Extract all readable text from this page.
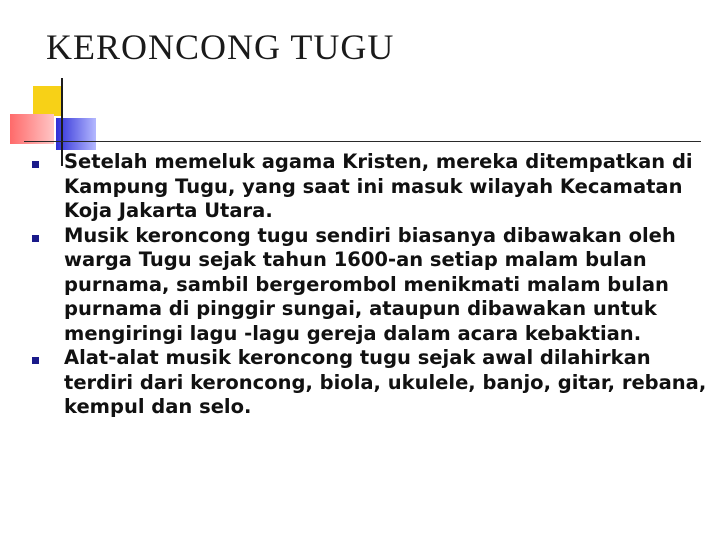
KERONCONG TUGU
Setelah memeluk agama Kristen, mereka ditempatkan di Kampung Tugu, yang saat ini masuk wilayah Kecamatan Koja Jakarta Utara.
Musik keroncong tugu sendiri biasanya dibawakan oleh warga Tugu sejak tahun 1600-an setiap malam bulan purnama, sambil bergerombol menikmati malam bulan purnama di pinggir sungai, ataupun dibawakan untuk mengiringi lagu -lagu gereja dalam acara kebaktian.
Alat-alat musik keroncong tugu sejak awal dilahirkan terdiri dari keroncong, biola, ukulele, banjo, gitar, rebana, kempul dan selo.
